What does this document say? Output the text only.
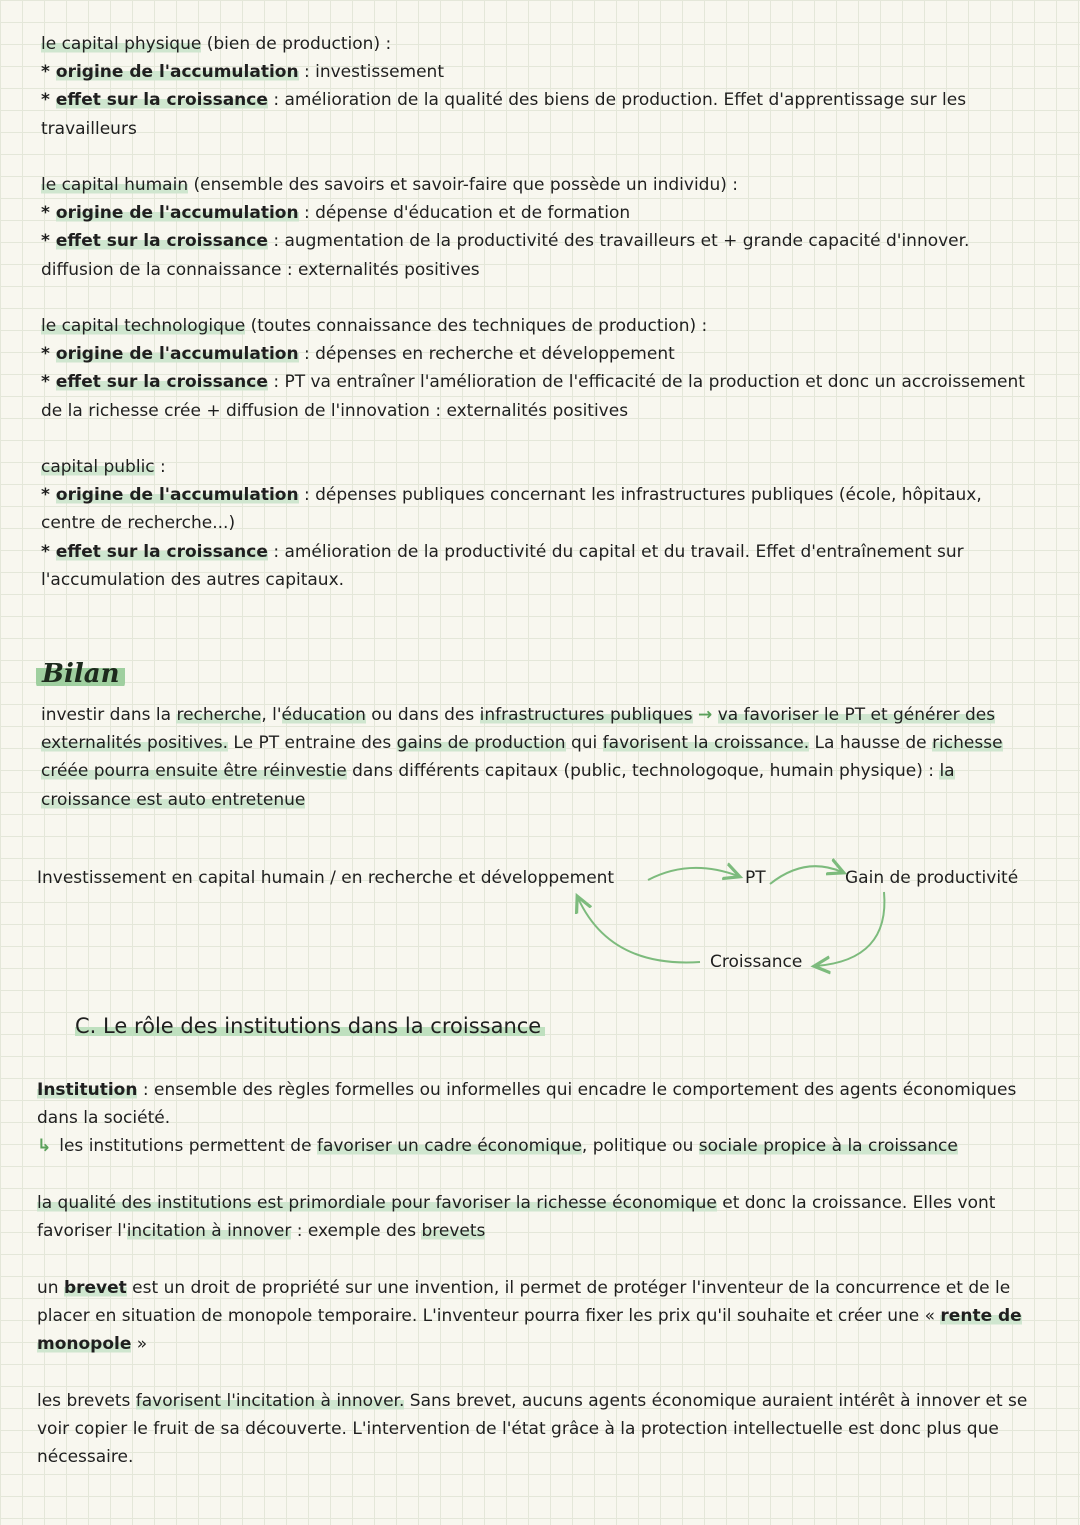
le capital physique (bien de production) :

* origine de l'accumulation : investissement

* effet sur la croissance : amélioration de la qualité des biens de production. Effet d'apprentissage sur les travailleurs

le capital humain (ensemble des savoirs et savoir-faire que possède un individu) :

* origine de l'accumulation : dépense d'éducation et de formation

* effet sur la croissance : augmentation de la productivité des travailleurs et + grande capacité d'innover.

diffusion de la connaissance : externalités positives

le capital technologique (toutes connaissance des techniques de production) :

* origine de l'accumulation : dépenses en recherche et développement

* effet sur la croissance : PT va entraîner l'amélioration de l'efficacité de la production et donc un accroissement de la richesse crée + diffusion de l'innovation : externalités positives

capital public :

* origine de l'accumulation : dépenses publiques concernant les infrastructures publiques (école, hôpitaux, centre de recherche...)

* effet sur la croissance : amélioration de la productivité du capital et du travail. Effet d'entraînement sur l'accumulation des autres capitaux.

Bilan

investir dans la recherche, l'éducation ou dans des infrastructures publiques → va favoriser le PT et générer des externalités positives. Le PT entraine des gains de production qui favorisent la croissance. La hausse de richesse créée pourra ensuite être réinvestie dans différents capitaux (public, technologoque, humain physique) : la croissance est auto entretenue

Investissement en capital humain / en recherche et développement	PT	Gain de productivité
Croissance
C. Le rôle des institutions dans la croissance

Institution : ensemble des règles formelles ou informelles qui encadre le comportement des agents économiques dans la société.

↳ les institutions permettent de favoriser un cadre économique, politique ou sociale propice à la croissance

la qualité des institutions est primordiale pour favoriser la richesse économique et donc la croissance. Elles vont favoriser l'incitation à innover : exemple des brevets

un brevet est un droit de propriété sur une invention, il permet de protéger l'inventeur de la concurrence et de le placer en situation de monopole temporaire. L'inventeur pourra fixer les prix qu'il souhaite et créer une « rente de monopole »

les brevets favorisent l'incitation à innover. Sans brevet, aucuns agents économique auraient intérêt à innover et se voir copier le fruit de sa découverte. L'intervention de l'état grâce à la protection intellectuelle est donc plus que nécessaire.
